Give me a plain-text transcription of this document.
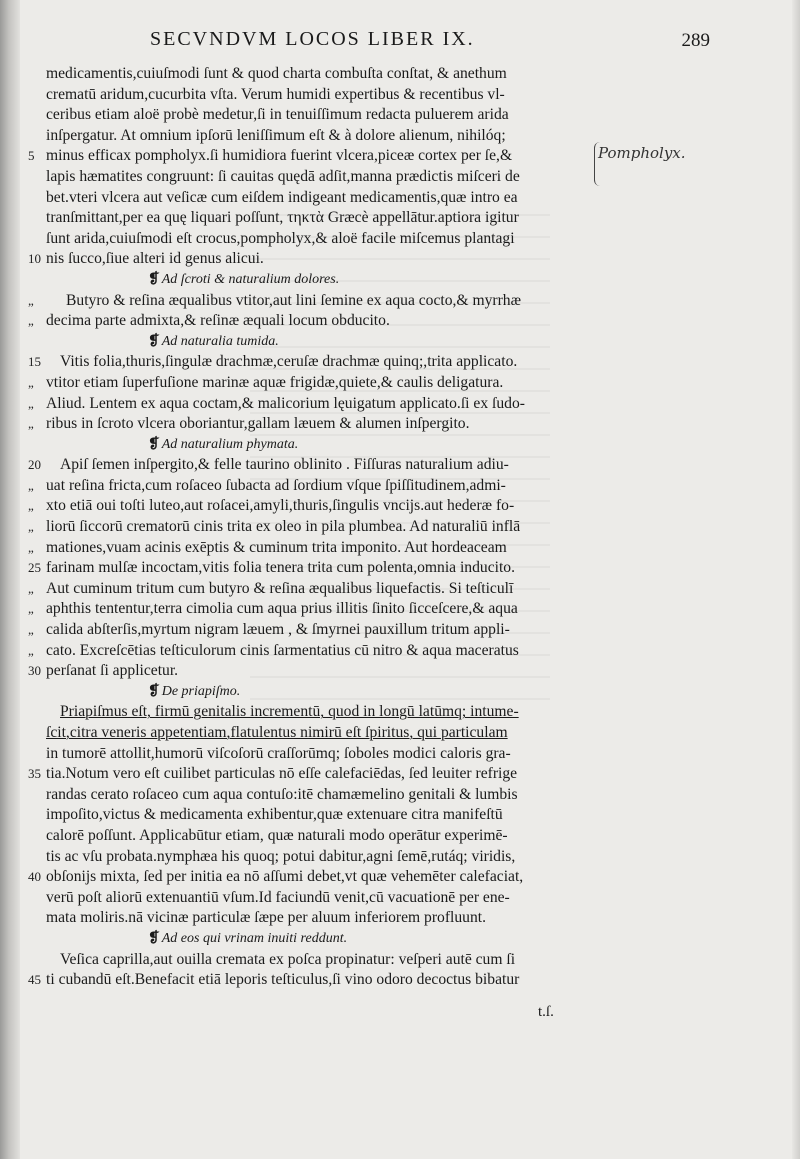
SECVNDVM LOCOS LIBER IX.	289
medicamentis,cuiuſmodi ſunt & quod charta combuſta conſtat, & anethum
crematū aridum,cucurbita vſta. Verum humidi expertibus & recentibus vl-
ceribus etiam aloë probè medetur,ſi in tenuiſſimum redacta puluerem arida
inſpergatur. At omnium ipſorū leniſſimum eſt & à dolore alienum, nihilóq;
5 minus efficax pompholyx.ſi humidiora fuerint vlcera,piceæ cortex per ſe,&
lapis hæmatites congruunt: ſi cauitas quędā adſit,manna prædictis miſceri de
bet.vteri vlcera aut veſicæ cum eiſdem indigeant medicamentis,quæ intro ea
tranſmittant,per ea quę liquari poſſunt, τηκτὰ Græcè appellātur.aptiora igitur
ſunt arida,cuiuſmodi eſt crocus,pompholyx,& aloë facile miſcemus plantagi
10 nis ſucco,ſiue alteri id genus alicui.
❡ Ad ſcroti & naturalium dolores.
„	Butyro & reſina æqualibus vtitor,aut lini ſemine ex aqua cocto,& myrrhæ
„ decima parte admixta,& reſinæ æquali locum obducito.
❡ Ad naturalia tumida.
15	Vitis folia,thuris,ſingulæ drachmæ,ceruſæ drachmæ quinq;,trita applicato.
„ vtitor etiam ſuperfuſione marinæ aquæ frigidæ,quiete,& caulis deligatura.
„ Aliud. Lentem ex aqua coctam,& malicorium lęuigatum applicato.ſi ex ſudo-
„ ribus in ſcroto vlcera oboriantur,gallam læuem & alumen inſpergito.
❡ Ad naturalium phymata.
20	Apiſ ſemen inſpergito,& felle taurino oblinito . Fiſſuras naturalium adiu-
„ uat reſina fricta,cum roſaceo ſubacta ad ſordium vſque ſpiſſitudinem,admi-
„ xto etiā oui toſti luteo,aut roſacei,amyli,thuris,ſingulis vncijs.aut hederæ fo-
„ liorū ſiccorū crematorū cinis trita ex oleo in pila plumbea. Ad naturaliū inflā
„ mationes,vuam acinis exēptis & cuminum trita imponito. Aut hordeaceam
25 farinam mulſæ incoctam,vitis folia tenera trita cum polenta,omnia inducito.
„ Aut cuminum tritum cum butyro & reſina æqualibus liquefactis. Si teſticulī
„ aphthis tententur,terra cimolia cum aqua prius illitis ſinito ſicceſcere,& aqua
„ calida abſterſis,myrtum nigram læuem , & ſmyrnei pauxillum tritum appli-
„ cato. Excreſcētias teſticulorum cinis ſarmentatius cū nitro & aqua maceratus
30 perſanat ſi applicetur.
❡ De priapiſmo.
Priapiſmus eſt, firmū genitalis incrementū, quod in longū latūmq; intume-
ſcit,citra veneris appetentiam,flatulentus nimirū eſt ſpiritus, qui particulam
in tumorē attollit,humorū viſcoſorū craſſorūmq; ſoboles modici caloris gra-
35 tia.Notum vero eſt cuilibet particulas nō eſſe calefaciēdas, ſed leuiter refrige
randas cerato roſaceo cum aqua contuſo:itē chamæmelino genitali & lumbis
impoſito,victus & medicamenta exhibentur,quæ extenuare citra manifeſtū
calorē poſſunt. Applicabūtur etiam, quæ naturali modo operātur experimē-
tis ac vſu probata.nymphæa his quoq; potui dabitur,agni ſemē,rutáq; viridis,
40 obſonijs mixta, ſed per initia ea nō aſſumi debet,vt quæ vehemēter calefaciat,
verū poſt aliorū extenuantiū vſum.Id faciundū venit,cū vacuationē per ene-
mata moliris.nā vicinæ particulæ ſæpe per aluum inferiorem profluunt.
❡ Ad eos qui vrinam inuiti reddunt.
Veſica caprilla,aut ouilla cremata ex poſca propinatur: veſperi autē cum ſi
45 ti cubandū eſt.Benefacit etiā leporis teſticulus,ſi vino odoro decoctus bibatur
Pompholyx.
t.ſ.
